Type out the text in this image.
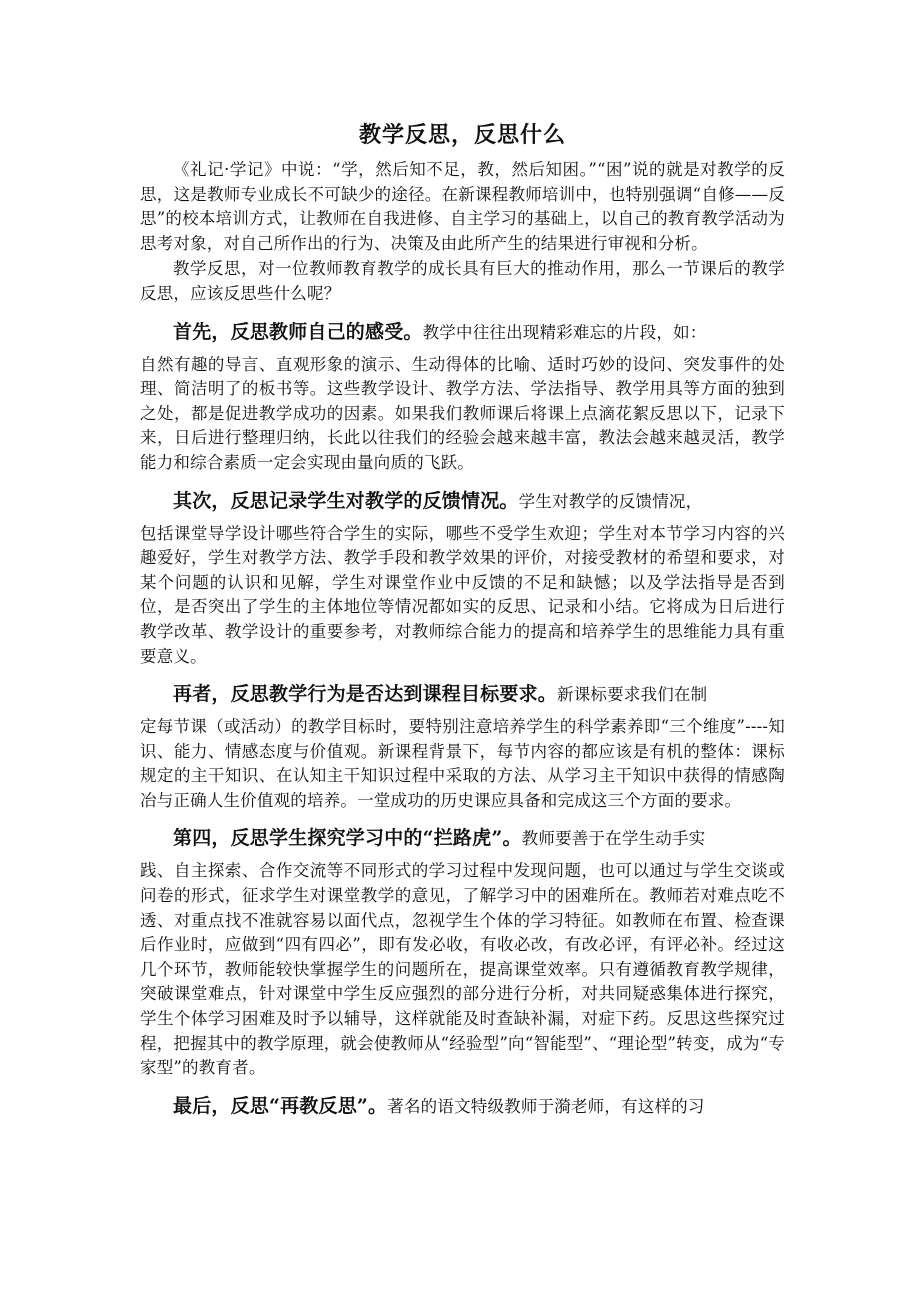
教学反思，反思什么

《礼记·学记》中说：“学，然后知不足，教，然后知困。”“困”说的就是对教学的反思，这是教师专业成长不可缺少的途径。在新课程教师培训中，也特别强调“自修——反思”的校本培训方式，让教师在自我进修、自主学习的基础上，以自己的教育教学活动为思考对象，对自己所作出的行为、决策及由此所产生的结果进行审视和分析。

教学反思，对一位教师教育教学的成长具有巨大的推动作用，那么一节课后的教学反思，应该反思些什么呢？

首先，反思教师自己的感受。教学中往往出现精彩难忘的片段，如：
自然有趣的导言、直观形象的演示、生动得体的比喻、适时巧妙的设问、突发事件的处理、简洁明了的板书等。这些教学设计、教学方法、学法指导、教学用具等方面的独到之处，都是促进教学成功的因素。如果我们教师课后将课上点滴花絮反思以下，记录下来，日后进行整理归纳，长此以往我们的经验会越来越丰富，教法会越来越灵活，教学能力和综合素质一定会实现由量向质的飞跃。
其次，反思记录学生对教学的反馈情况。学生对教学的反馈情况，
包括课堂导学设计哪些符合学生的实际，哪些不受学生欢迎；学生对本节学习内容的兴趣爱好，学生对教学方法、教学手段和教学效果的评价，对接受教材的希望和要求，对某个问题的认识和见解，学生对课堂作业中反馈的不足和缺憾；以及学法指导是否到位，是否突出了学生的主体地位等情况都如实的反思、记录和小结。它将成为日后进行教学改革、教学设计的重要参考，对教师综合能力的提高和培养学生的思维能力具有重要意义。
再者，反思教学行为是否达到课程目标要求。新课标要求我们在制
定每节课（或活动）的教学目标时，要特别注意培养学生的科学素养即“三个维度”----知识、能力、情感态度与价值观。新课程背景下，每节内容的都应该是有机的整体：课标规定的主干知识、在认知主干知识过程中采取的方法、从学习主干知识中获得的情感陶冶与正确人生价值观的培养。一堂成功的历史课应具备和完成这三个方面的要求。
第四，反思学生探究学习中的“拦路虎”。教师要善于在学生动手实
践、自主探索、合作交流等不同形式的学习过程中发现问题，也可以通过与学生交谈或问卷的形式，征求学生对课堂教学的意见，了解学习中的困难所在。教师若对难点吃不透、对重点找不准就容易以面代点，忽视学生个体的学习特征。如教师在布置、检查课后作业时，应做到“四有四必”，即有发必收，有收必改，有改必评，有评必补。经过这几个环节，教师能较快掌握学生的问题所在，提高课堂效率。只有遵循教育教学规律，突破课堂难点，针对课堂中学生反应强烈的部分进行分析，对共同疑惑集体进行探究，学生个体学习困难及时予以辅导，这样就能及时查缺补漏，对症下药。反思这些探究过程，把握其中的教学原理，就会使教师从“经验型”向“智能型”、“理论型”转变，成为“专家型”的教育者。
最后，反思“再教反思”。著名的语文特级教师于漪老师，有这样的习
